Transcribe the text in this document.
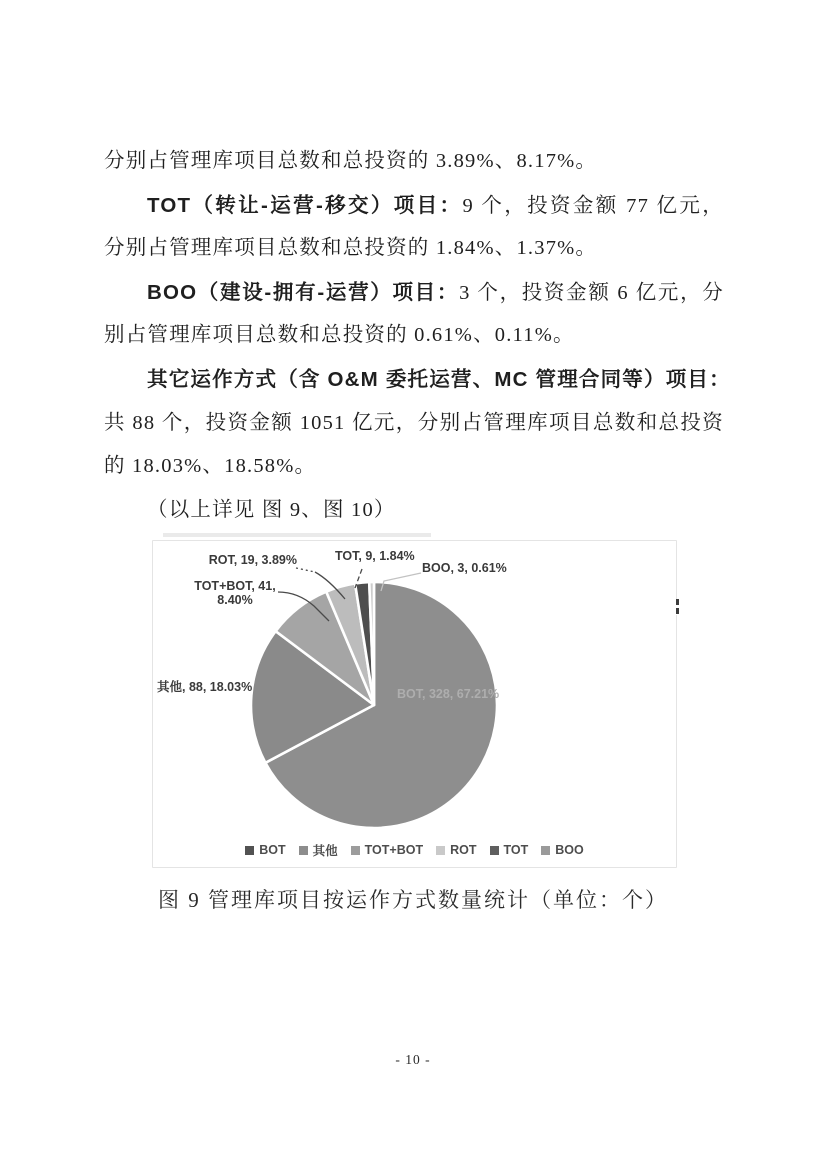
分别占管理库项目总数和总投资的 3.89%、8.17%。
TOT（转让-运营-移交）项目：9 个，投资金额 77 亿元，
分别占管理库项目总数和总投资的 1.84%、1.37%。
BOO（建设-拥有-运营）项目：3 个，投资金额 6 亿元，分
别占管理库项目总数和总投资的 0.61%、0.11%。
其它运作方式（含 O&M 委托运营、MC 管理合同等）项目：
共 88 个，投资金额 1051 亿元，分别占管理库项目总数和总投资
的 18.03%、18.58%。
（以上详见 图 9、图 10）
BOT, 328, 67.21%
其他, 88, 18.03%
TOT+BOT, 41,
8.40%
ROT, 19, 3.89%	TOT, 9, 1.84%
BOO, 3, 0.61%
BOT 其他 TOT+BOT ROT TOT BOO
图 9 管理库项目按运作方式数量统计（单位：个）
- 10 -
